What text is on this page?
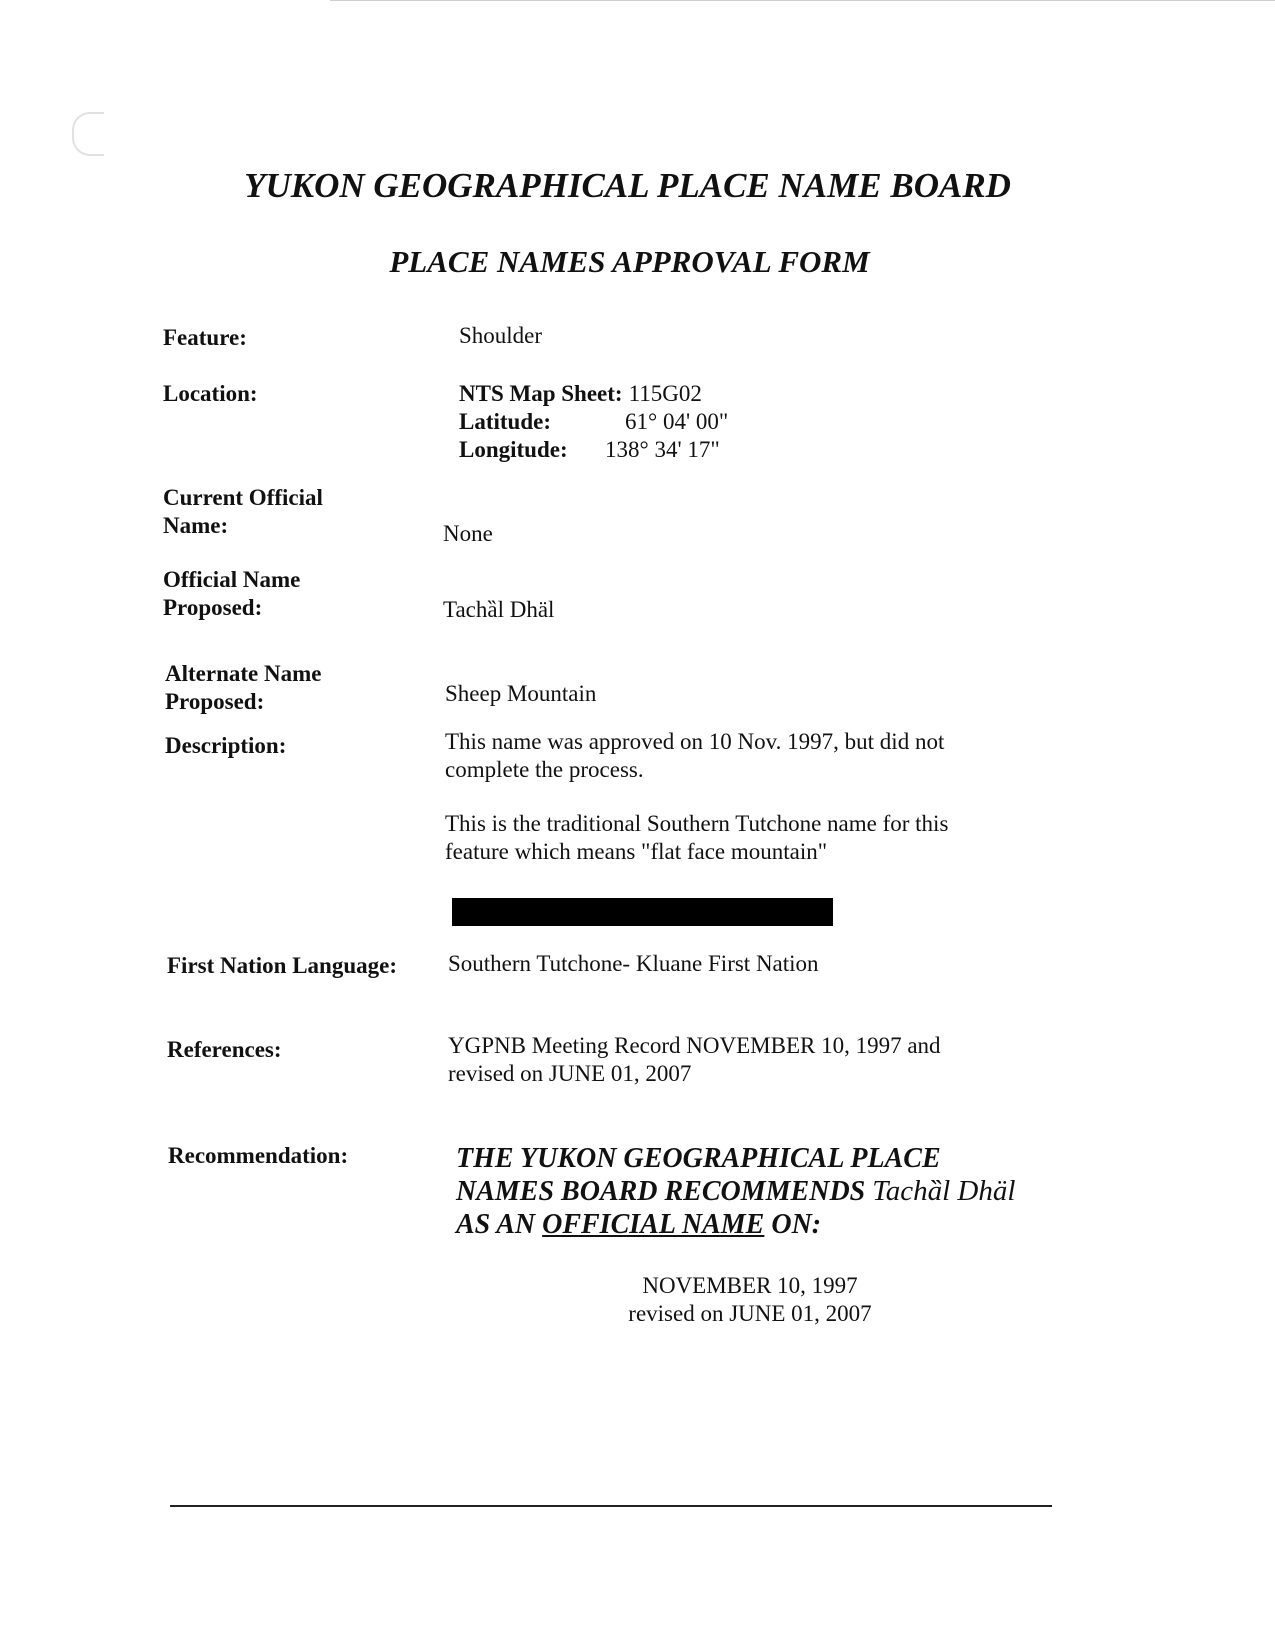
YUKON GEOGRAPHICAL PLACE NAME BOARD
PLACE NAMES APPROVAL FORM
Feature:	Shoulder
Location:	NTS Map Sheet: 115G02
Latitude:	61° 04' 00"
Longitude:	138° 34' 17"
Current Official
Name:	None
Official Name
Proposed:	Tachȁl Dhäl
Alternate Name
Proposed:	Sheep Mountain
Description:	This name was approved on 10 Nov. 1997, but did not
complete the process.
This is the traditional Southern Tutchone name for this
feature which means "flat face mountain"
First Nation Language: Southern Tutchone- Kluane First Nation
References:	YGPNB Meeting Record NOVEMBER 10, 1997 and
revised on JUNE 01, 2007
Recommendation:	THE YUKON GEOGRAPHICAL PLACE
NAMES BOARD RECOMMENDS Tachȁl Dhäl
AS AN OFFICIAL NAME ON:
NOVEMBER 10, 1997
revised on JUNE 01, 2007
